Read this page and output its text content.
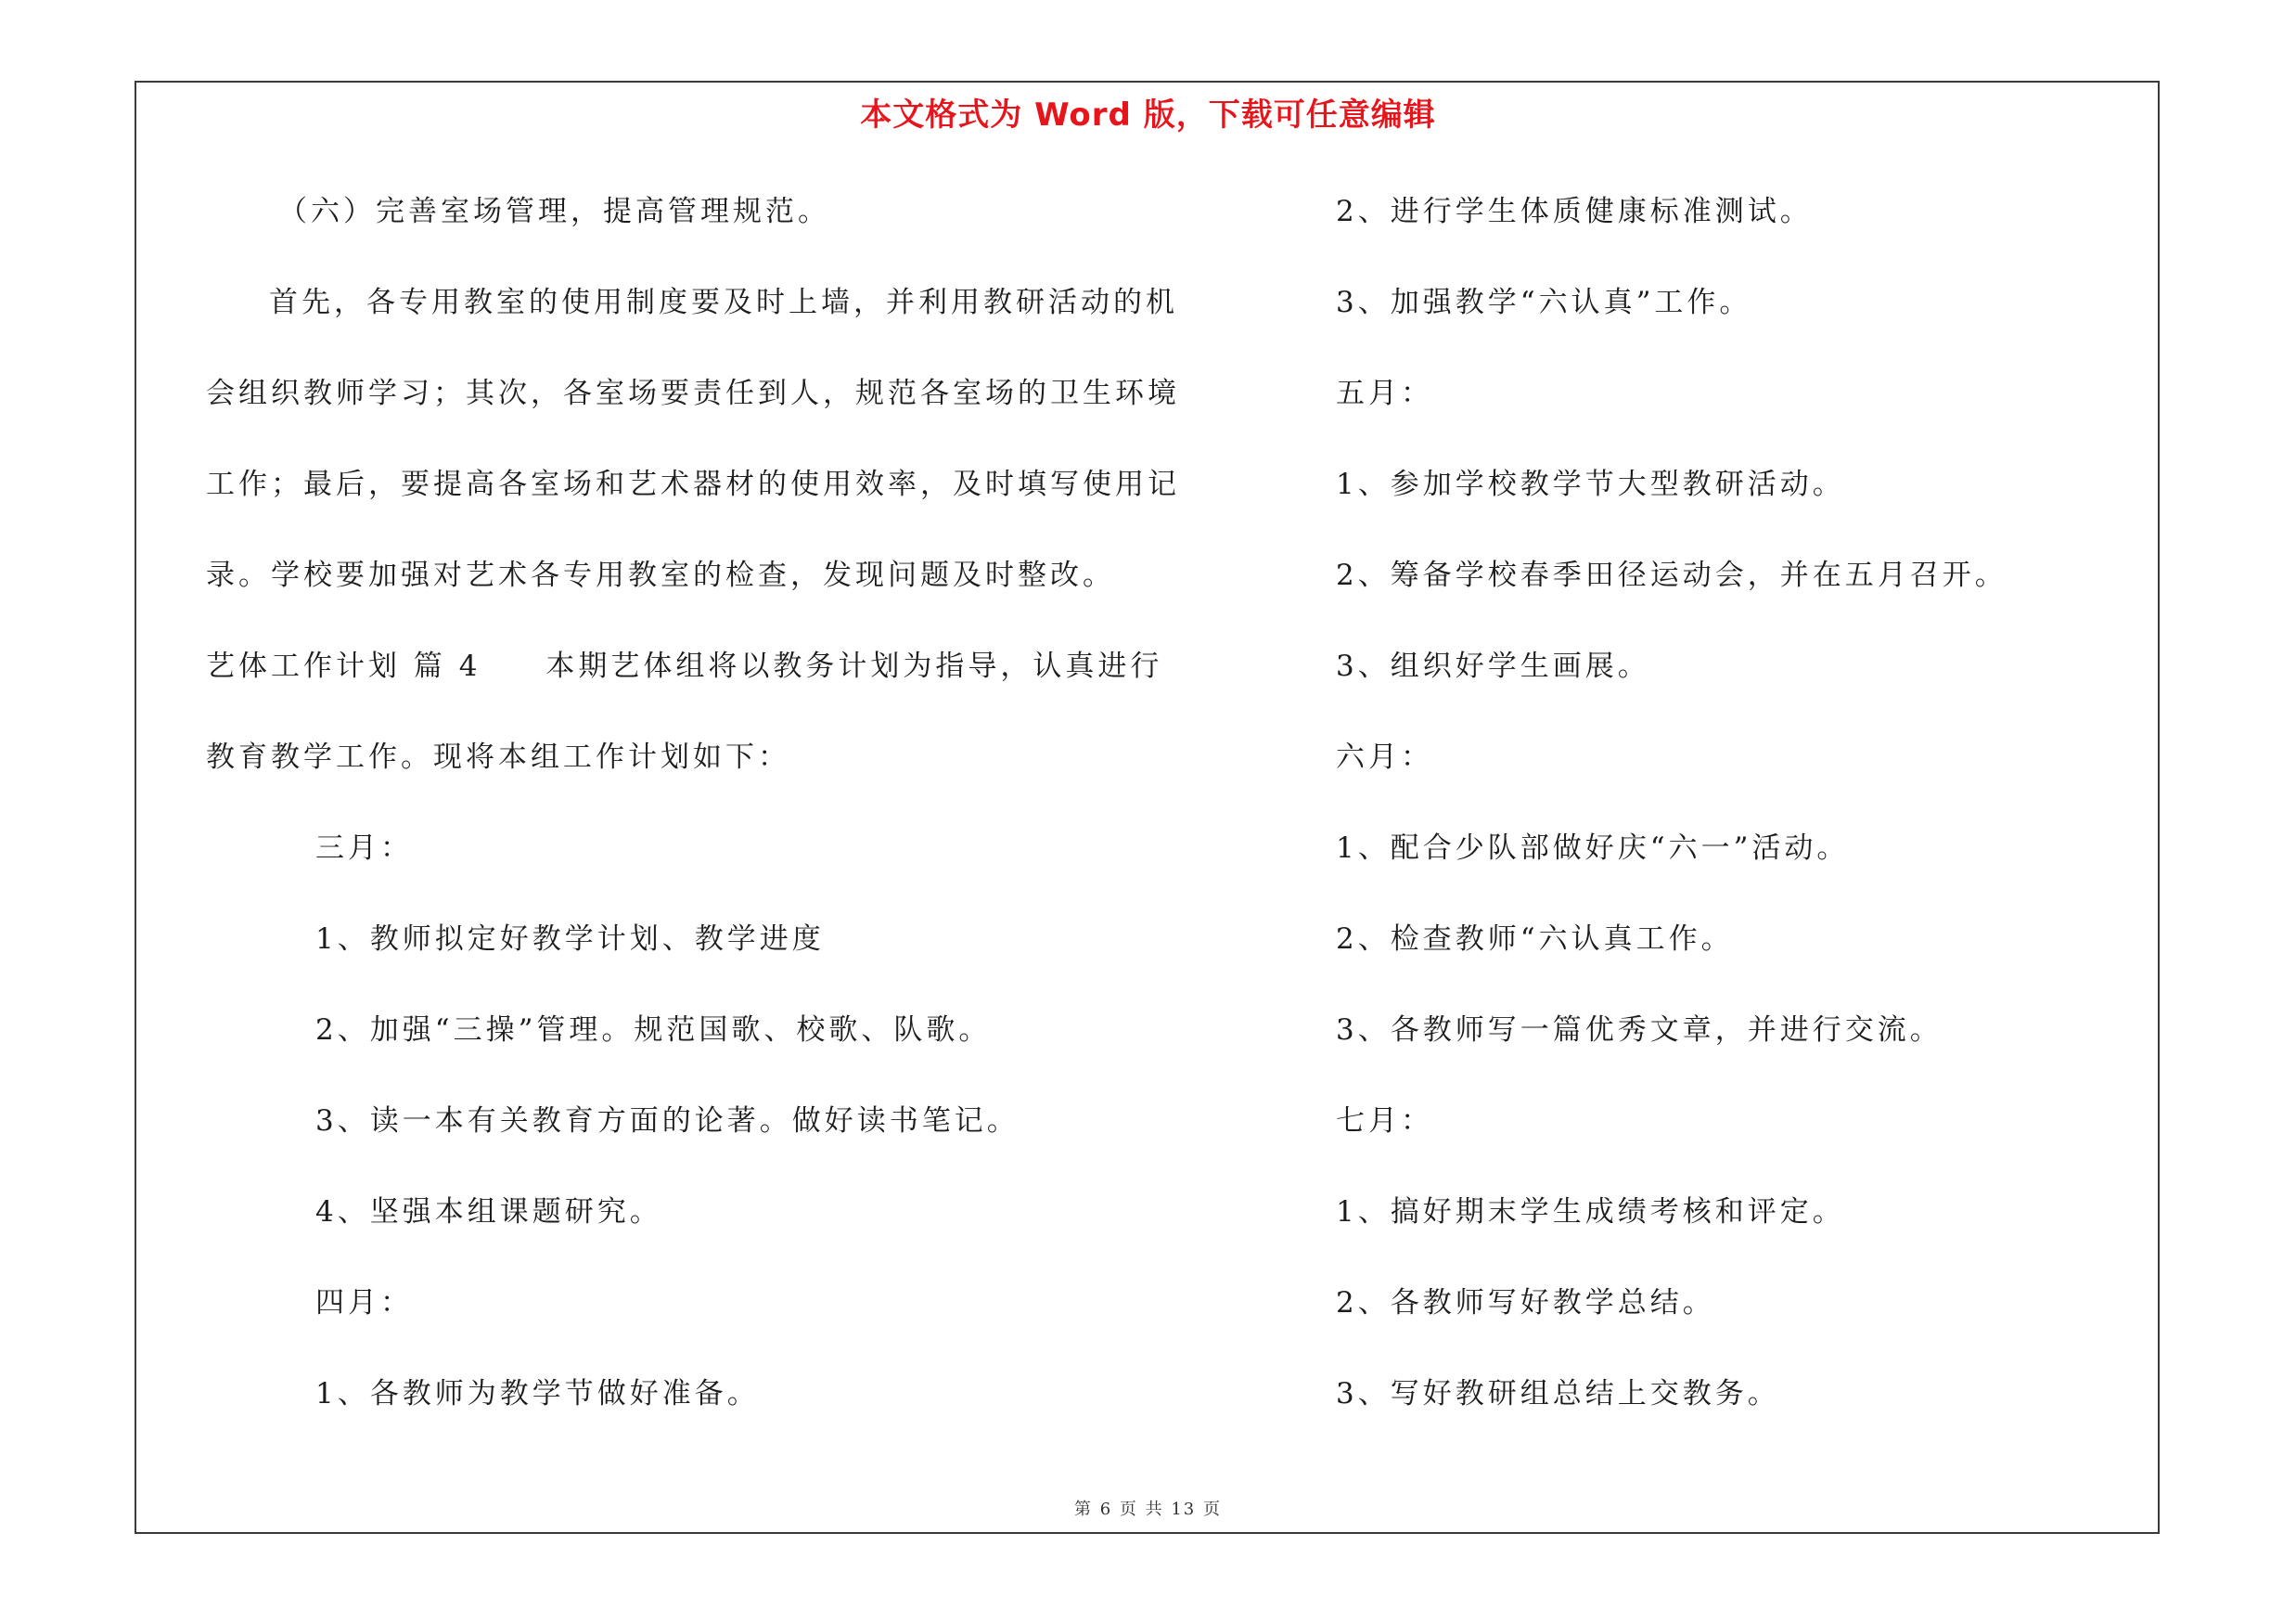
本文格式为 Word 版，下载可任意编辑
（六）完善室场管理，提高管理规范。
首先，各专用教室的使用制度要及时上墙，并利用教研活动的机
会组织教师学习；其次，各室场要责任到人，规范各室场的卫生环境
工作；最后，要提高各室场和艺术器材的使用效率，及时填写使用记
录。学校要加强对艺术各专用教室的检查，发现问题及时整改。
艺体工作计划 篇 4　　本期艺体组将以教务计划为指导，认真进行
教育教学工作。现将本组工作计划如下：
三月：
1、教师拟定好教学计划、教学进度
2、加强“三操”管理。规范国歌、校歌、队歌。
3、读一本有关教育方面的论著。做好读书笔记。
4、坚强本组课题研究。
四月：
1、各教师为教学节做好准备。
2、进行学生体质健康标准测试。
3、加强教学“六认真”工作。
五月：
1、参加学校教学节大型教研活动。
2、筹备学校春季田径运动会，并在五月召开。
3、组织好学生画展。
六月：
1、配合少队部做好庆“六一”活动。
2、检查教师“六认真工作。
3、各教师写一篇优秀文章，并进行交流。
七月：
1、搞好期末学生成绩考核和评定。
2、各教师写好教学总结。
3、写好教研组总结上交教务。
第 6 页 共 13 页
